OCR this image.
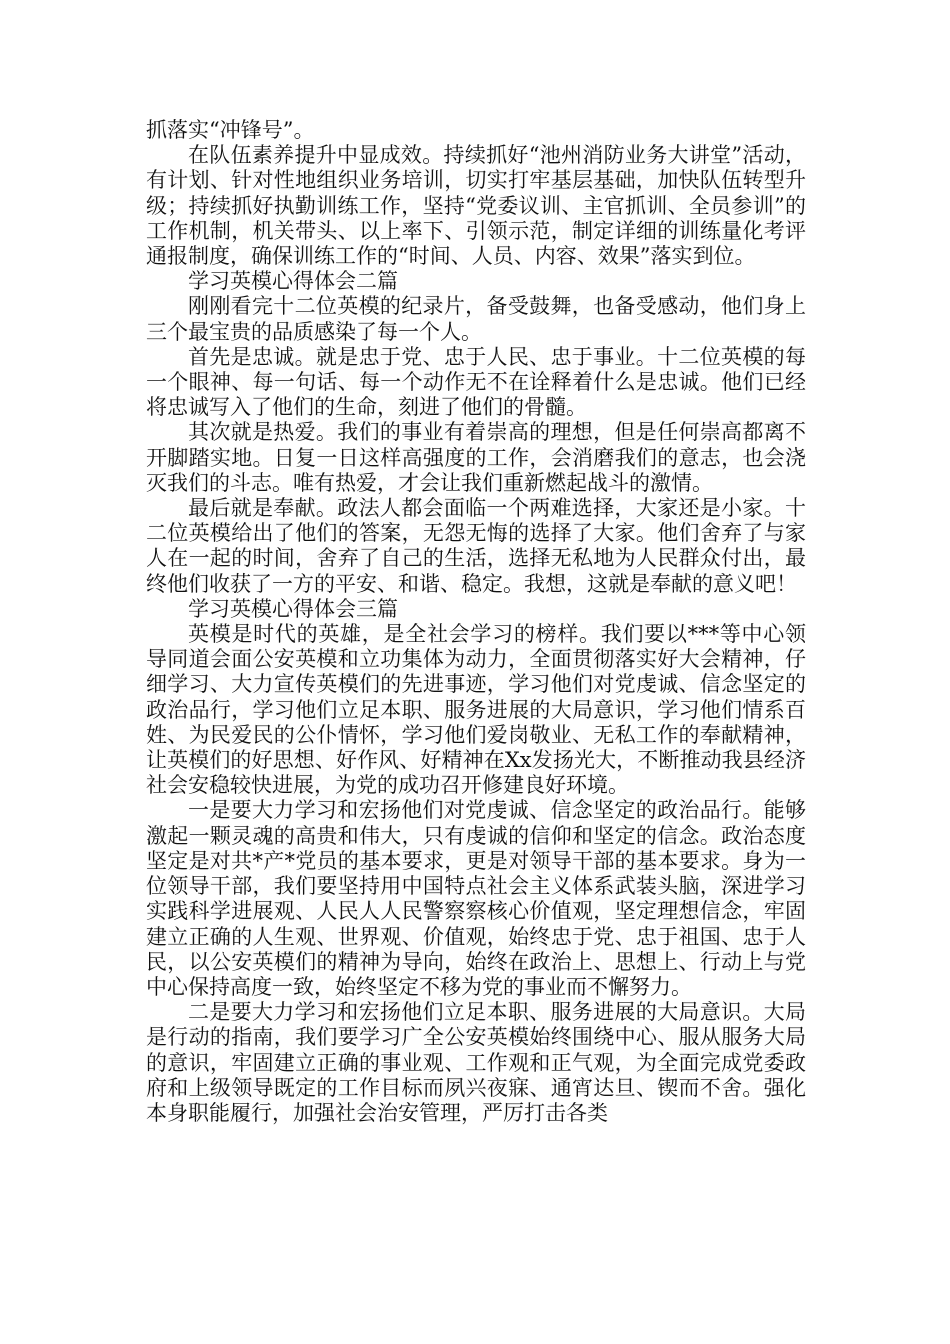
抓落实“冲锋号”。

在队伍素养提升中显成效。持续抓好“池州消防业务大讲堂”活动，有计划、针对性地组织业务培训，切实打牢基层基础，加快队伍转型升级；持续抓好执勤训练工作，坚持“党委议训、主官抓训、全员参训”的工作机制，机关带头、以上率下、引领示范，制定详细的训练量化考评通报制度，确保训练工作的“时间、人员、内容、效果”落实到位。

学习英模心得体会二篇

刚刚看完十二位英模的纪录片，备受鼓舞，也备受感动，他们身上三个最宝贵的品质感染了每一个人。

首先是忠诚。就是忠于党、忠于人民、忠于事业。十二位英模的每一个眼神、每一句话、每一个动作无不在诠释着什么是忠诚。他们已经将忠诚写入了他们的生命，刻进了他们的骨髓。

其次就是热爱。我们的事业有着崇高的理想，但是任何崇高都离不开脚踏实地。日复一日这样高强度的工作，会消磨我们的意志，也会浇灭我们的斗志。唯有热爱，才会让我们重新燃起战斗的激情。

最后就是奉献。政法人都会面临一个两难选择，大家还是小家。十二位英模给出了他们的答案，无怨无悔的选择了大家。他们舍弃了与家人在一起的时间，舍弃了自己的生活，选择无私地为人民群众付出，最终他们收获了一方的平安、和谐、稳定。我想，这就是奉献的意义吧！

学习英模心得体会三篇

英模是时代的英雄，是全社会学习的榜样。我们要以***等中心领导同道会面公安英模和立功集体为动力，全面贯彻落实好大会精神，仔细学习、大力宣传英模们的先进事迹，学习他们对党虔诚、信念坚定的政治品行，学习他们立足本职、服务进展的大局意识，学习他们情系百姓、为民爱民的公仆情怀，学习他们爱岗敬业、无私工作的奉献精神，让英模们的好思想、好作风、好精神在Xx发扬光大，不断推动我县经济社会安稳较快进展，为党的成功召开修建良好环境。

一是要大力学习和宏扬他们对党虔诚、信念坚定的政治品行。能够激起一颗灵魂的高贵和伟大，只有虔诚的信仰和坚定的信念。政治态度坚定是对共*产*党员的基本要求，更是对领导干部的基本要求。身为一位领导干部，我们要坚持用中国特点社会主义体系武装头脑，深进学习实践科学进展观、人民人人民警察察核心价值观，坚定理想信念，牢固建立正确的人生观、世界观、价值观，始终忠于党、忠于祖国、忠于人民，以公安英模们的精神为导向，始终在政治上、思想上、行动上与党中心保持高度一致，始终坚定不移为党的事业而不懈努力。

二是要大力学习和宏扬他们立足本职、服务进展的大局意识。大局是行动的指南，我们要学习广全公安英模始终围绕中心、服从服务大局的意识，牢固建立正确的事业观、工作观和正气观，为全面完成党委政府和上级领导既定的工作目标而夙兴夜寐、通宵达旦、锲而不舍。强化本身职能履行，加强社会治安管理，严厉打击各类
